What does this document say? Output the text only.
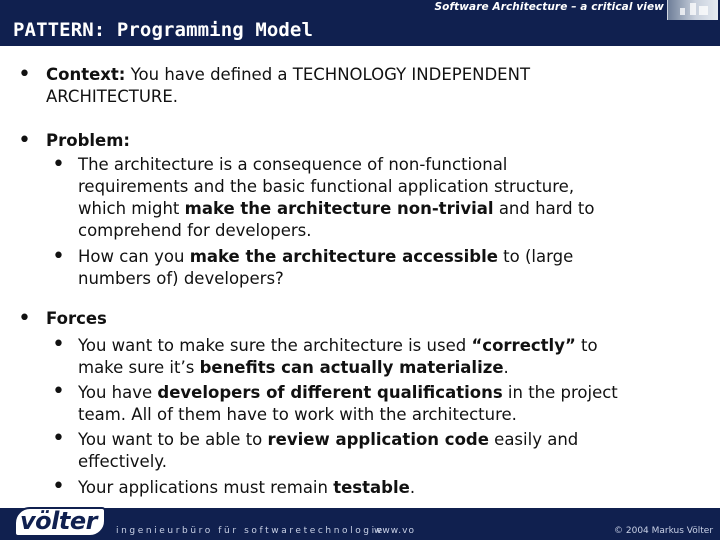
Software Architecture – a critical view
PATTERN: Programming Model
• Context: You have defined a TECHNOLOGY INDEPENDENT
ARCHITECTURE.
• Problem:
• The architecture is a consequence of non-functional
requirements and the basic functional application structure,
which might make the architecture non-trivial and hard to
comprehend for developers.
• How can you make the architecture accessible to (large
numbers of) developers?
• Forces
• You want to make sure the architecture is used “correctly” to
make sure it’s benefits can actually materialize.
• You have developers of different qualifications in the project
team. All of them have to work with the architecture.
• You want to be able to review application code easily and
effectively.
• Your applications must remain testable.
völter ingenieurbüro für softwaretechnologie
www.vo	© 2004 Markus Völter
